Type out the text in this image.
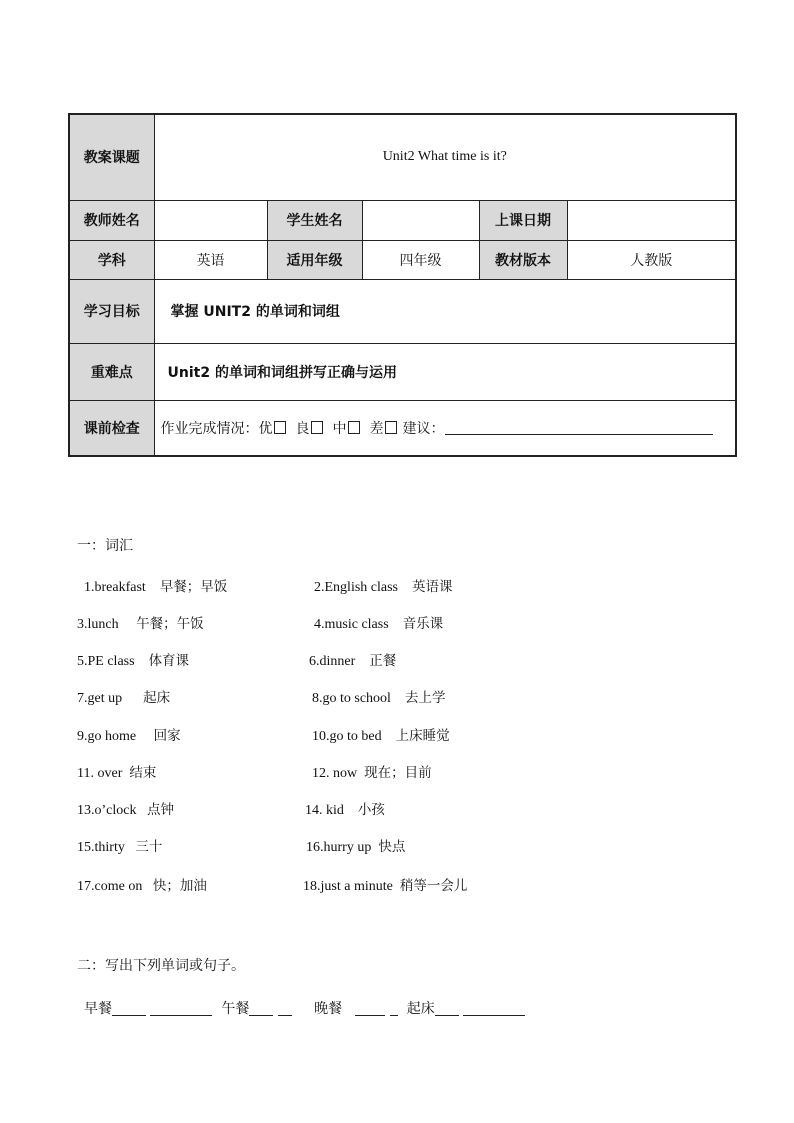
教案课题	Unit2 What time is it?				
教师姓名		学生姓名		上课日期	
学科	英语	适用年级	四年级	教材版本	人教版
学习目标	掌握 UNIT2 的单词和词组				
重难点	Unit2 的单词和词组拼写正确与运用				
课前检查	作业完成情况：优 良 中 差 建议：				
一：词汇
1.breakfast 早餐；早饭	2.English class 英语课
3.lunch 午餐；午饭	4.music class 音乐课
5.PE class 体育课	6.dinner 正餐
7.get up 起床	8.go to school 去上学
9.go home 回家	10.go to bed 上床睡觉
11. over 结束	12. now 现在；目前
13.o’clock 点钟	14. kid 小孩
15.thirty 三十	16.hurry up 快点
17.come on 快；加油	18.just a minute 稍等一会儿
二：写出下列单词或句子。
早餐	午餐	晚餐	起床
